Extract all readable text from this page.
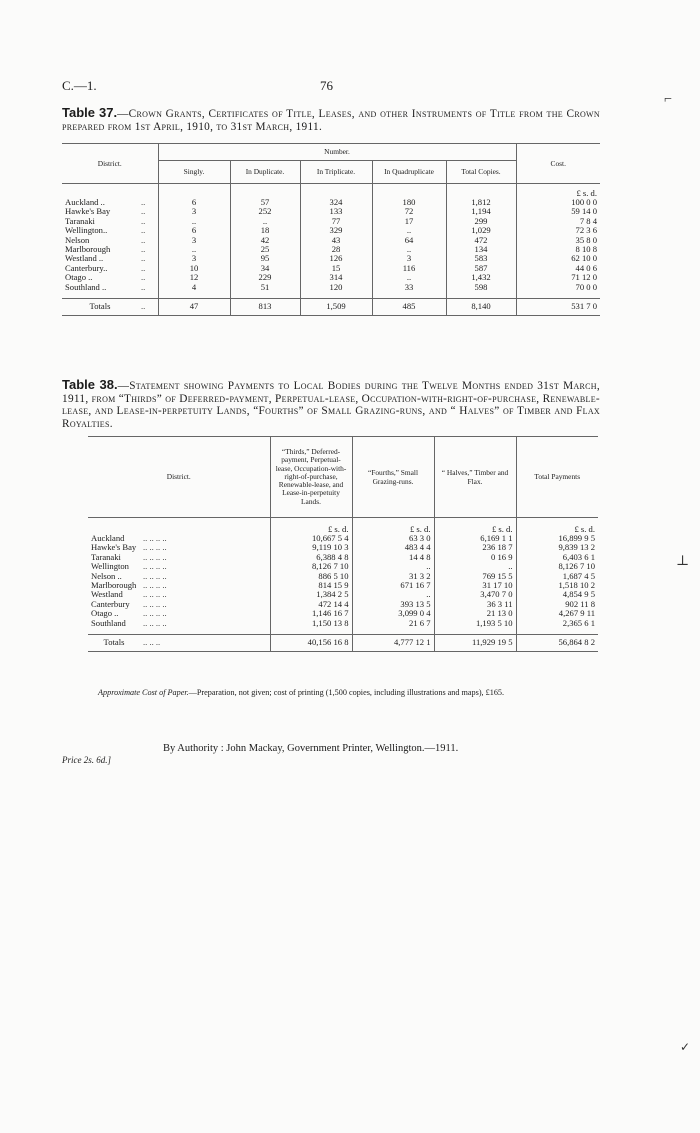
C.—1.	76
Table 37.—Crown Grants, Certificates of Title, Leases, and other Instruments of Title from the Crown prepared from 1st April, 1910, to 31st March, 1911.
District.		Number.					Cost.
		Singly.	In Duplicate.	In Triplicate.	In Quadruplicate	Total Copies.	
							£ s. d.
Auckland ..	..	6	57	324	180	1,812	100 0 0
Hawke's Bay	..	3	252	133	72	1,194	59 14 0
Taranaki	..	..	..	77	17	299	7 8 4
Wellington..	..	6	18	329	..	1,029	72 3 6
Nelson	..	3	42	43	64	472	35 8 0
Marlborough	..	..	25	28	..	134	8 10 8
Westland ..	..	3	95	126	3	583	62 10 0
Canterbury..	..	10	34	15	116	587	44 0 6
Otago ..	..	12	229	314	..	1,432	71 12 0
Southland ..	..	4	51	120	33	598	70 0 0

Totals	..	47	813	1,509	485	8,140	531 7 0
Table 38.—Statement showing Payments to Local Bodies during the Twelve Months ended 31st March, 1911, from “Thirds” of Deferred-payment, Perpetual-lease, Occupation-with-right-of-purchase, Renewable-lease, and Lease-in-perpetuity Lands, “Fourths” of Small Grazing-runs, and “ Halves” of Timber and Flax Royalties.
District.		“Thirds,” Deferred-payment, Perpetual-lease, Occupation-with-right-of-purchase, Renewable-lease, and Lease-in-perpetuity Lands.	“Fourths,” Small Grazing-runs.	“ Halves,” Timber and Flax.	Total Payments
		£ s. d.	£ s. d.	£ s. d.	£ s. d.
Auckland	.. .. .. ..	10,667 5 4	63 3 0	6,169 1 1	16,899 9 5
Hawke's Bay	.. .. .. ..	9,119 10 3	483 4 4	236 18 7	9,839 13 2
Taranaki	.. .. .. ..	6,388 4 8	14 4 8	0 16 9	6,403 6 1
Wellington	.. .. .. ..	8,126 7 10	..	..	8,126 7 10
Nelson ..	.. .. .. ..	886 5 10	31 3 2	769 15 5	1,687 4 5
Marlborough	.. .. .. ..	814 15 9	671 16 7	31 17 10	1,518 10 2
Westland	.. .. .. ..	1,384 2 5	..	3,470 7 0	4,854 9 5
Canterbury	.. .. .. ..	472 14 4	393 13 5	36 3 11	902 11 8
Otago ..	.. .. .. ..	1,146 16 7	3,099 0 4	21 13 0	4,267 9 11
Southland	.. .. .. ..	1,150 13 8	21 6 7	1,193 5 10	2,365 6 1

Totals	.. .. ..	40,156 16 8	4,777 12 1	11,929 19 5	56,864 8 2
Approximate Cost of Paper.—Preparation, not given; cost of printing (1,500 copies, including illustrations and maps), £165.
By Authority : John Mackay, Government Printer, Wellington.—1911.
Price 2s. 6d.]
⌐
⊥
✓
